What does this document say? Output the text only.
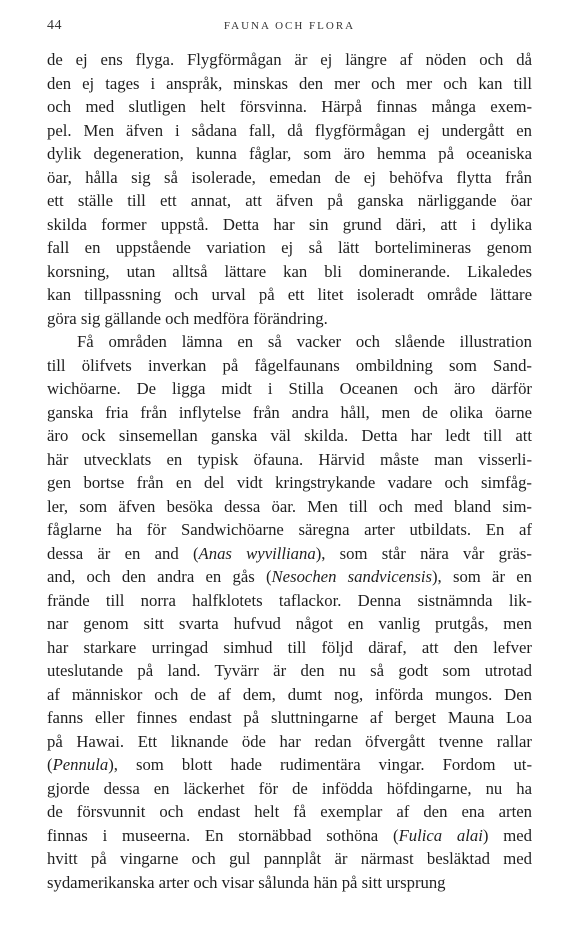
44	FAUNA OCH FLORA
de ej ens flyga. Flygförmågan är ej längre af nöden och då
den ej tages i anspråk, minskas den mer och mer och kan till
och med slutligen helt försvinna. Härpå finnas många exem-
pel. Men äfven i sådana fall, då flygförmågan ej undergått en
dylik degeneration, kunna fåglar, som äro hemma på oceaniska
öar, hålla sig så isolerade, emedan de ej behöfva flytta från
ett ställe till ett annat, att äfven på ganska närliggande öar
skilda former uppstå. Detta har sin grund däri, att i dylika
fall en uppstående variation ej så lätt bortelimineras genom
korsning, utan alltså lättare kan bli dominerande. Likaledes
kan tillpassning och urval på ett litet isoleradt område lättare
göra sig gällande och medföra förändring.
Få områden lämna en så vacker och slående illustration
till ölifvets inverkan på fågelfaunans ombildning som Sand-
wichöarne. De ligga midt i Stilla Oceanen och äro därför
ganska fria från inflytelse från andra håll, men de olika öarne
äro ock sinsemellan ganska väl skilda. Detta har ledt till att
här utvecklats en typisk öfauna. Härvid måste man visserli-
gen bortse från en del vidt kringstrykande vadare och simfåg-
ler, som äfven besöka dessa öar. Men till och med bland sim-
fåglarne ha för Sandwichöarne säregna arter utbildats. En af
dessa är en and (Anas wyvilliana), som står nära vår gräs-
and, och den andra en gås (Nesochen sandvicensis), som är en
frände till norra halfklotets taflackor. Denna sistnämnda lik-
nar genom sitt svarta hufvud något en vanlig prutgås, men
har starkare urringad simhud till följd däraf, att den lefver
uteslutande på land. Tyvärr är den nu så godt som utrotad
af människor och de af dem, dumt nog, införda mungos. Den
fanns eller finnes endast på sluttningarne af berget Mauna Loa
på Hawai. Ett liknande öde har redan öfvergått tvenne rallar
(Pennula), som blott hade rudimentära vingar. Fordom ut-
gjorde dessa en läckerhet för de infödda höfdingarne, nu ha
de försvunnit och endast helt få exemplar af den ena arten
finnas i museerna. En stornäbbad sothöna (Fulica alai) med
hvitt på vingarne och gul pannplåt är närmast besläktad med
sydamerikanska arter och visar sålunda hän på sitt ursprung
